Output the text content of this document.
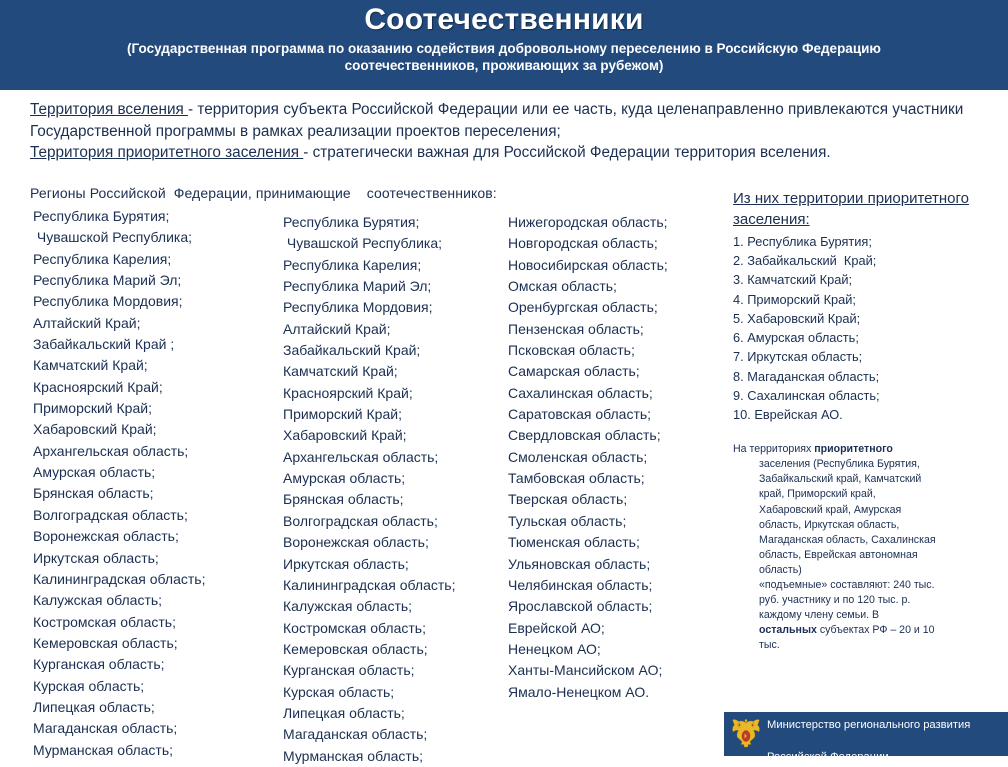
Соотечественники
(Государственная программа по оказанию содействия добровольному переселению в Российскую Федерацию соотечественников, проживающих за рубежом)
Территория вселения - территория субъекта Российской Федерации или ее часть, куда целенаправленно привлекаются участники Государственной программы в рамках реализации проектов переселения;
Территория приоритетного заселения - стратегически важная для Российской Федерации территория вселения.
Регионы Российской  Федерации, принимающие    соотечественников:
Республика Бурятия;
Чувашской Республика;
Республика Карелия;
Республика Марий Эл;
Республика Мордовия;
Алтайский Край;
Забайкальский Край ;
Камчатский Край;
Красноярский Край;
Приморский Край;
Хабаровский Край;
Архангельская область;
Амурская область;
Брянская область;
Волгоградская область;
Воронежская область;
Иркутская область;
Калининградская область;
Калужская область;
Костромская область;
Кемеровская область;
Курганская область;
Курская область;
Липецкая область;
Магаданская область;
Мурманская область;
Республика Бурятия;
Чувашской Республика;
Республика Карелия;
Республика Марий Эл;
Республика Мордовия;
Алтайский Край;
Забайкальский Край;
Камчатский Край;
Красноярский Край;
Приморский Край;
Хабаровский Край;
Архангельская область;
Амурская область;
Брянская область;
Волгоградская область;
Воронежская область;
Иркутская область;
Калининградская область;
Калужская область;
Костромская область;
Кемеровская область;
Курганская область;
Курская область;
Липецкая область;
Магаданская область;
Мурманская область;
Нижегородская область;
Новгородская область;
Новосибирская область;
Омская область;
Оренбургская область;
Пензенская область;
Псковская область;
Самарская область;
Сахалинская область;
Саратовская область;
Свердловская область;
Смоленская область;
Тамбовская область;
Тверская область;
Тульская область;
Тюменская область;
Ульяновская область;
Челябинская область;
Ярославской область;
Еврейской АО;
Ненецком АО;
Ханты-Мансийском АО;
Ямало-Ненецком АО.
Из них территории приоритетного заселения:
1. Республика Бурятия;
2. Забайкальский  Край;
3. Камчатский Край;
4. Приморский Край;
5. Хабаровский Край;
6. Амурская область;
7. Иркутская область;
8. Магаданская область;
9. Сахалинская область;
10. Еврейская АО.
На территориях приоритетного
заселения (Республика Бурятия, Забайкальский край, Камчатский край, Приморский край, Хабаровский край, Амурская область, Иркутская область, Магаданская область, Сахалинская область, Еврейская автономная область)
«подъемные» составляют: 240 тыс. руб. участнику и по 120 тыс. р. каждому члену семьи. В остальных субъектах РФ – 20 и 10 тыс.

Министерство регионального развития

Российской Федерации
